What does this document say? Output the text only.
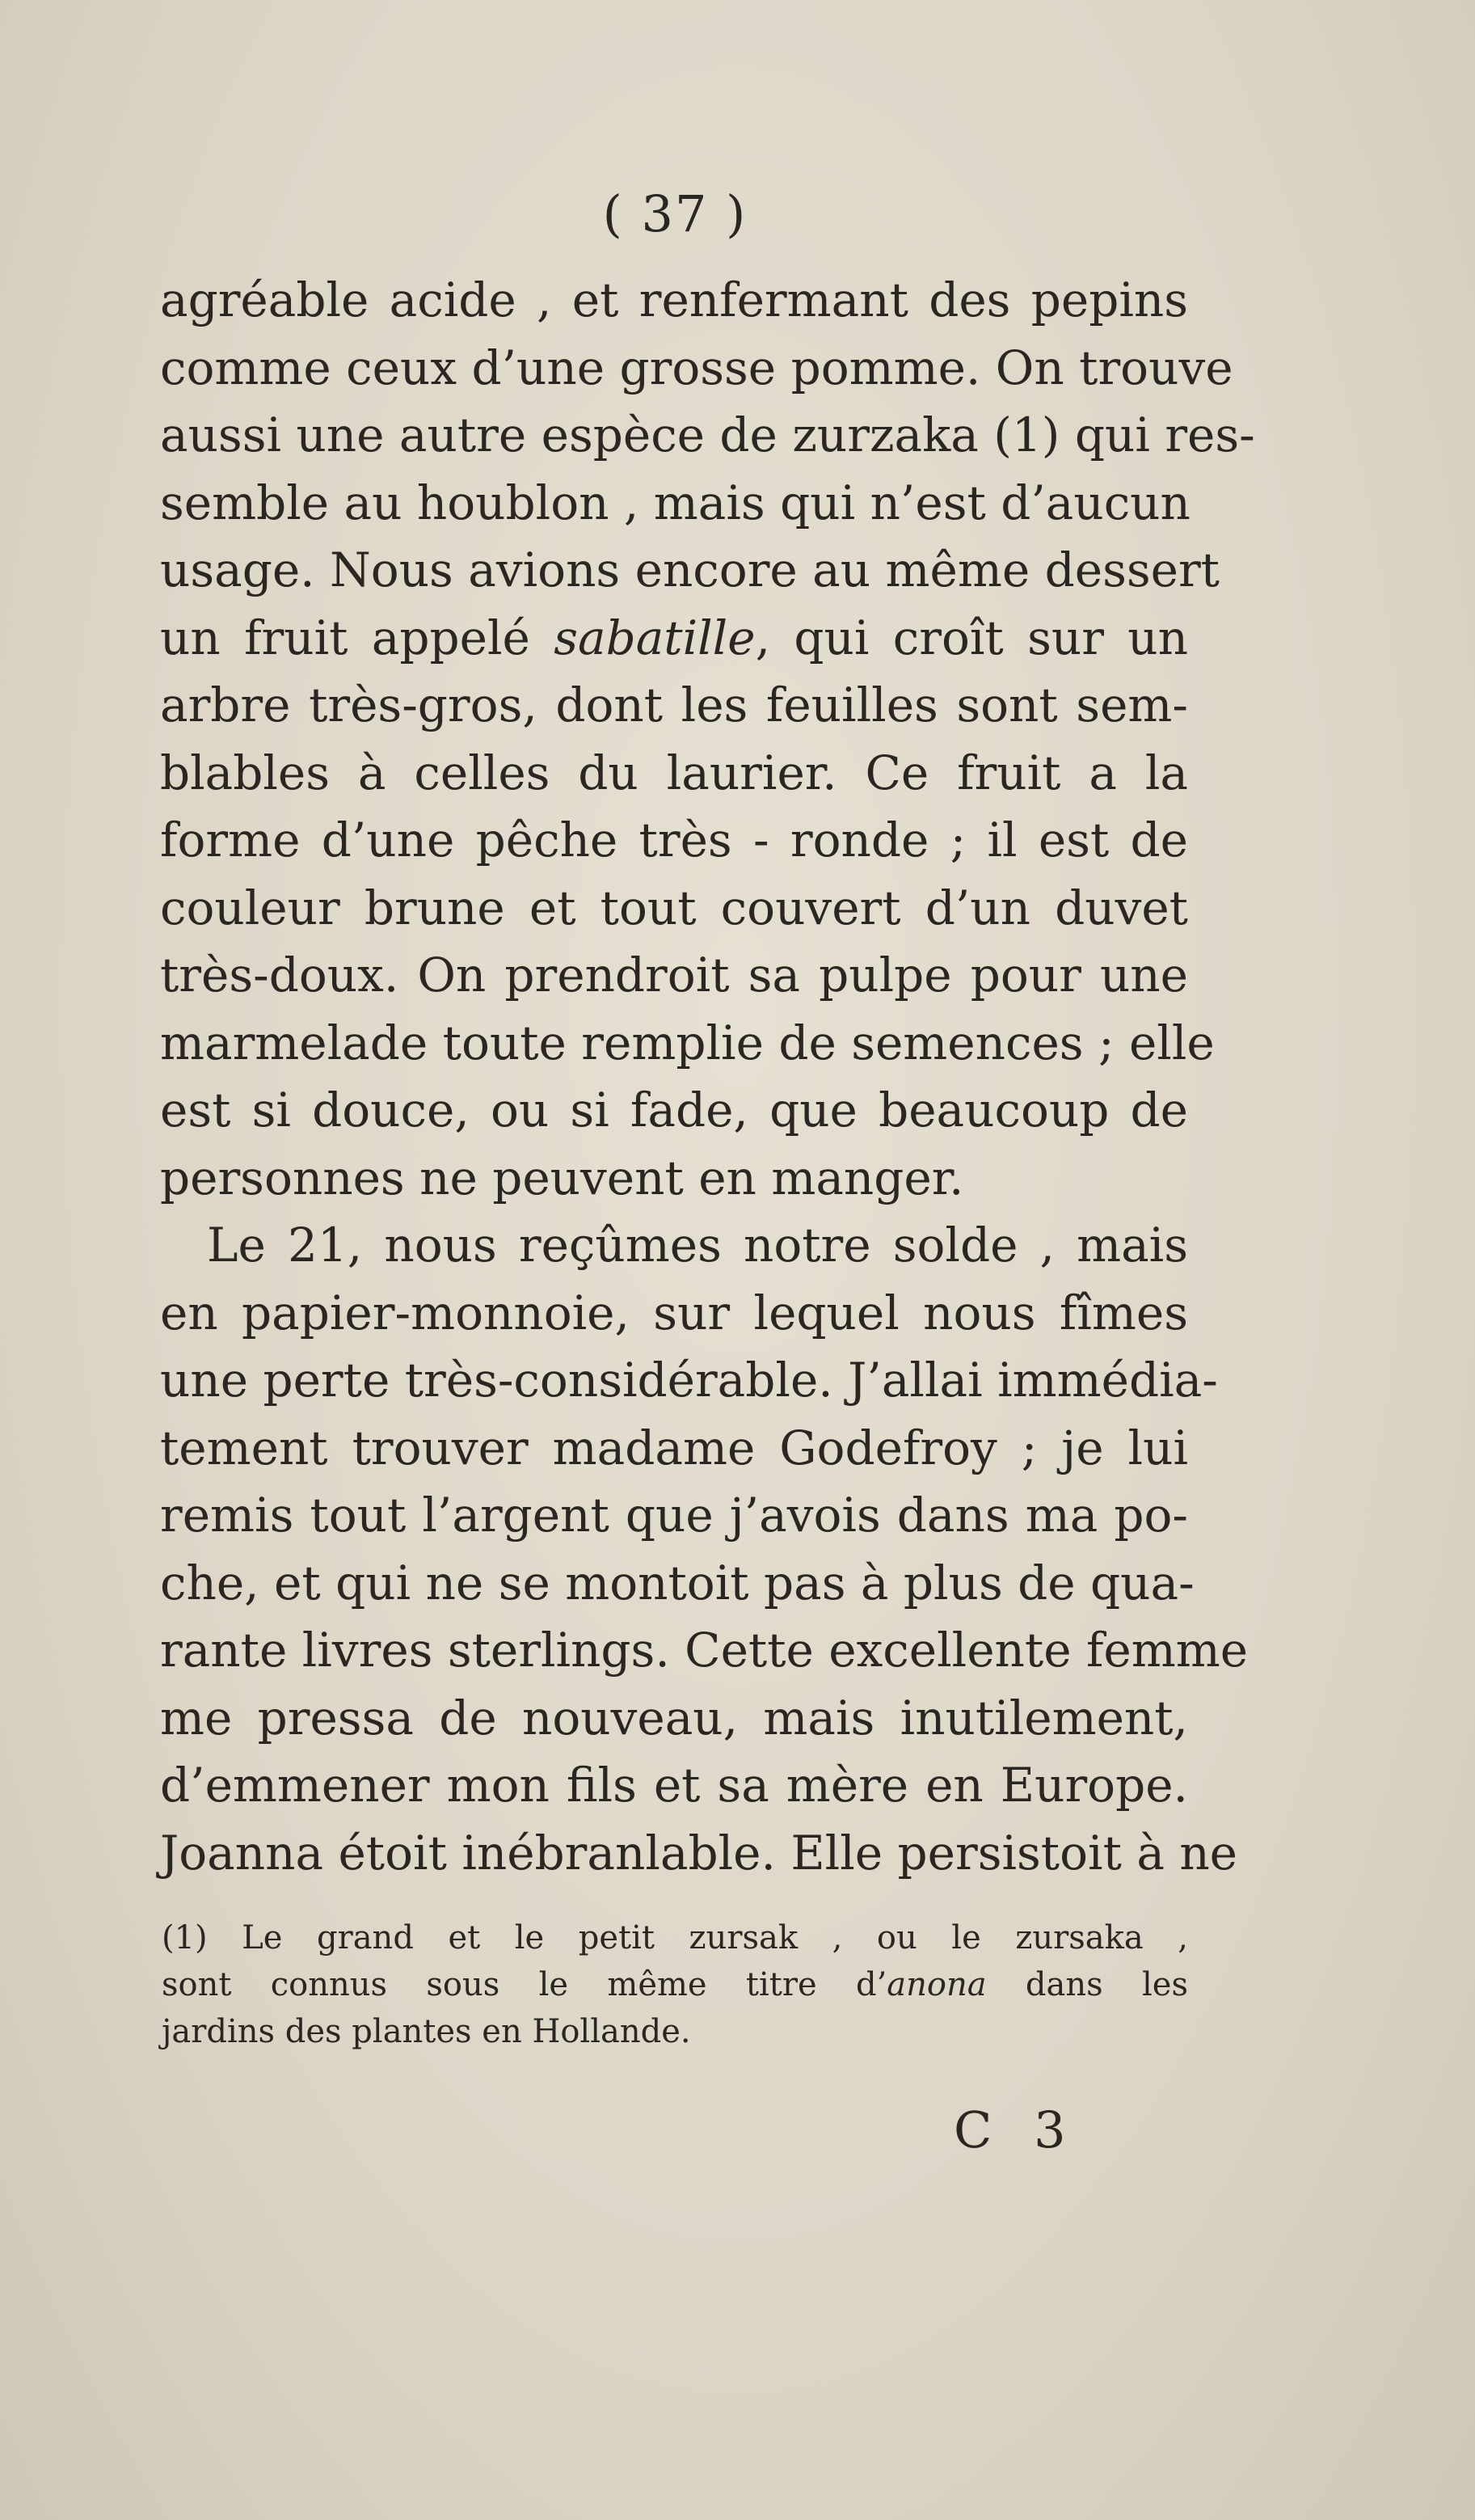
( 37 )
agréable acide , et renfermant des pepins
comme ceux d’une grosse pomme. On trouve
aussi une autre espèce de zurzaka (1) qui res-
semble au houblon , mais qui n’est d’aucun
usage. Nous avions encore au même dessert
un fruit appelé sabatille, qui croît sur un
arbre très-gros, dont les feuilles sont sem-
blables à celles du laurier. Ce fruit a la
forme d’une pêche très - ronde ; il est de
couleur brune et tout couvert d’un duvet
très-doux. On prendroit sa pulpe pour une
marmelade toute remplie de semences ; elle
est si douce, ou si fade, que beaucoup de
personnes ne peuvent en manger.
Le 21, nous reçûmes notre solde , mais
en papier-monnoie, sur lequel nous fîmes
une perte très-considérable. J’allai immédia-
tement trouver madame Godefroy ; je lui
remis tout l’argent que j’avois dans ma po-
che, et qui ne se montoit pas à plus de qua-
rante livres sterlings. Cette excellente femme
me pressa de nouveau, mais inutilement,
d’emmener mon fils et sa mère en Europe.
Joanna étoit inébranlable. Elle persistoit à ne
(1) Le grand et le petit zursak , ou le zursaka ,
sont connus sous le même titre d’anona dans les
jardins des plantes en Hollande.
C 3
